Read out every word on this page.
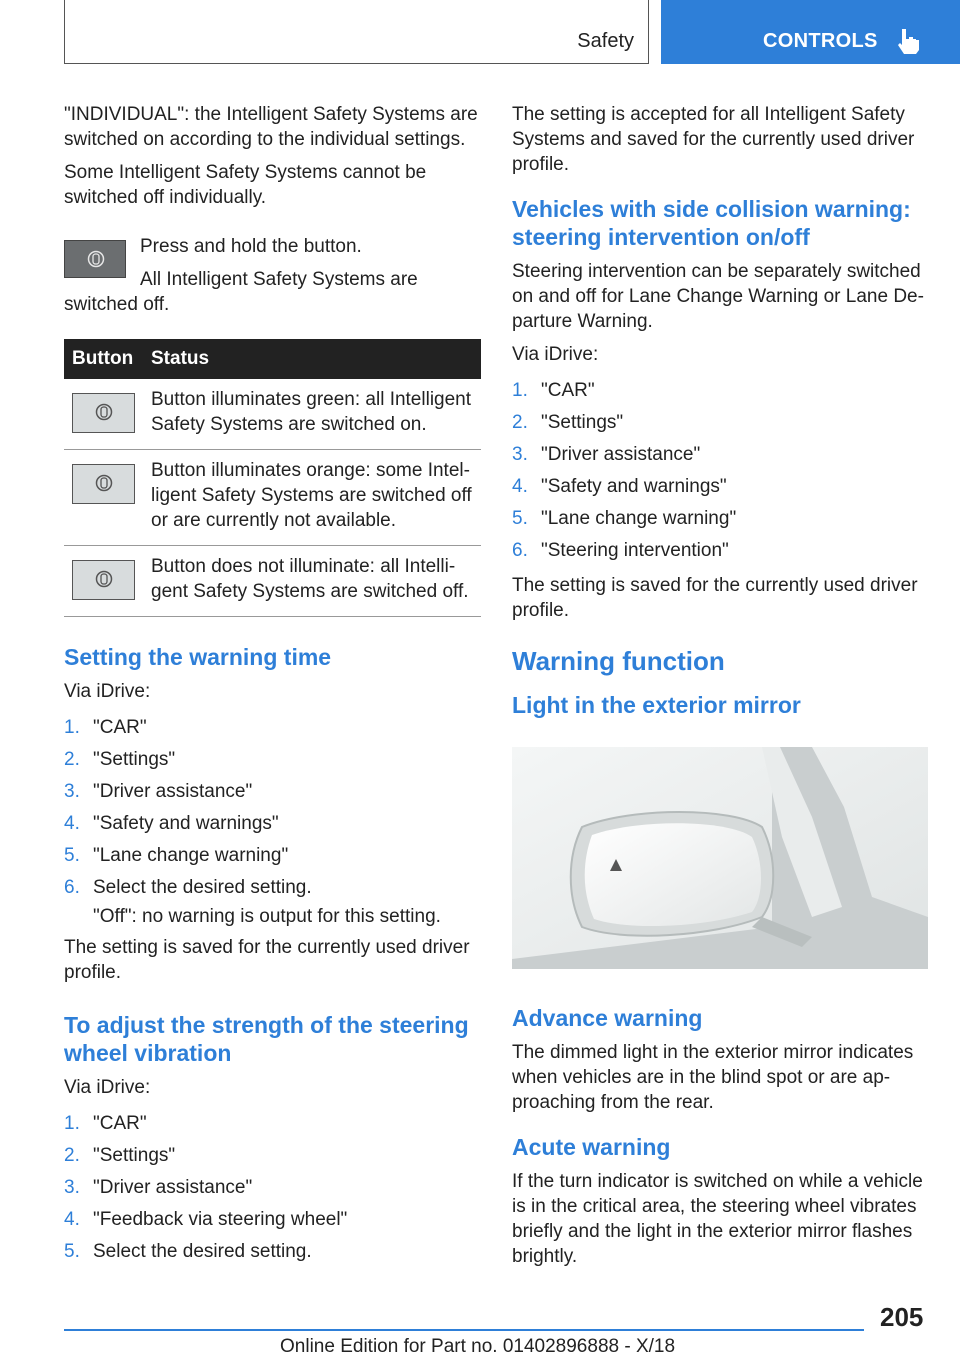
Safety	CONTROLS

"INDIVIDUAL": the Intelligent Safety Systems are switched on according to the individual settings.

Some Intelligent Safety Systems cannot be switched off individually.

Press and hold the button.

All Intelligent Safety Systems are switched off.

Button	Status

	Button illuminates green: all Intelligent Safety Systems are switched on.

	Button illuminates orange: some Intel-ligent Safety Systems are switched off or are currently not available.

	Button does not illuminate: all Intelli-gent Safety Systems are switched off.
Setting the warning time

Via iDrive:

1. "CAR"
2. "Settings"
3. "Driver assistance"
4. "Safety and warnings"
5. "Lane change warning"
6. Select the desired setting.
"Off": no warning is output for this setting.

The setting is saved for the currently used driver profile.

To adjust the strength of the steering wheel vibration

Via iDrive:

1. "CAR"
2. "Settings"
3. "Driver assistance"
4. "Feedback via steering wheel"
5. Select the desired setting.

The setting is accepted for all Intelligent Safety Systems and saved for the currently used driver profile.

Vehicles with side collision warning: steering intervention on/off

Steering intervention can be separately switched on and off for Lane Change Warning or Lane De-parture Warning.

Via iDrive:

1. "CAR"
2. "Settings"
3. "Driver assistance"
4. "Safety and warnings"
5. "Lane change warning"
6. "Steering intervention"

The setting is saved for the currently used driver profile.

Warning function
Light in the exterior mirror
Advance warning

The dimmed light in the exterior mirror indicates when vehicles are in the blind spot or are ap-proaching from the rear.

Acute warning

If the turn indicator is switched on while a vehicle is in the critical area, the steering wheel vibrates briefly and the light in the exterior mirror flashes brightly.

205
Online Edition for Part no. 01402896888 - X/18
